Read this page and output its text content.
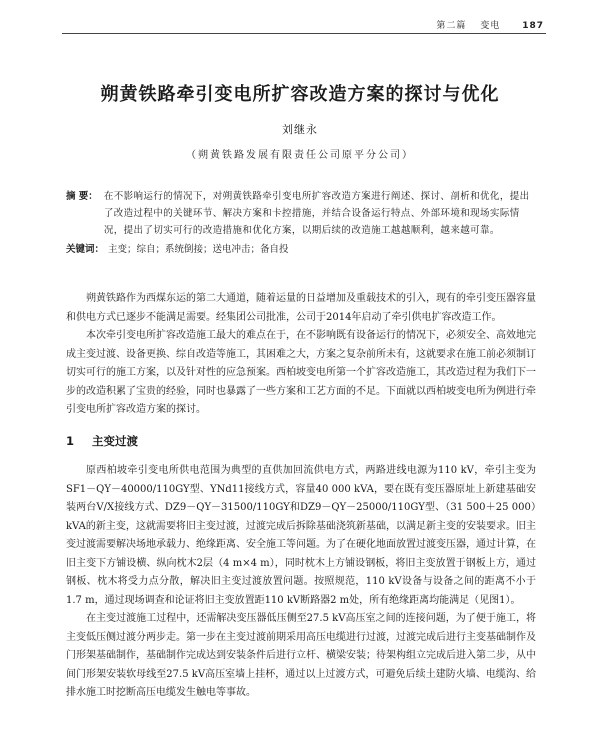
第二篇 变电 187
朔黄铁路牵引变电所扩容改造方案的探讨与优化
刘继永
（朔黄铁路发展有限责任公司原平分公司）
摘 要： 在不影响运行的情况下，对朔黄铁路牵引变电所扩容改造方案进行阐述、探讨、剖析和优化，提出了改造过程中的关键环节、解决方案和卡控措施，并结合设备运行特点、外部环境和现场实际情况，提出了切实可行的改造措施和优化方案，以期后续的改造施工越越顺利，越来越可靠。
关键词： 主变；综自；系统倒接；送电冲击；备自投

朔黄铁路作为西煤东运的第二大通道，随着运量的日益增加及重载技术的引入，现有的牵引变压器容量和供电方式已逐步不能满足需要。经集团公司批准，公司于2014年启动了牵引供电扩容改造工作。

本次牵引变电所扩容改造施工最大的难点在于，在不影响既有设备运行的情况下，必须安全、高效地完成主变过渡、设备更换、综自改造等施工，其困难之大，方案之复杂前所未有，这就要求在施工前必须制订切实可行的施工方案，以及针对性的应急预案。西柏坡变电所第一个扩容改造施工，其改造过程为我们下一步的改造积累了宝贵的经验，同时也暴露了一些方案和工艺方面的不足。下面就以西柏坡变电所为例进行牵引变电所扩容改造方案的探讨。

1 主变过渡

原西柏坡牵引变电所供电范围为典型的直供加回流供电方式，两路进线电源为110 kV，牵引主变为SF1－QY－40000/110GY型、YNd11接线方式，容量40 000 kVA，要在既有变压器原址上新建基础安装两台V/X接线方式、DZ9－QY－31500/110GY和DZ9－QY－25000/110GY型、（31 500＋25 000）kVA的新主变，这就需要将旧主变过渡，过渡完成后拆除基础浇筑新基础，以满足新主变的安装要求。旧主变过渡需要解决场地承载力、绝缘距离、安全施工等问题。为了在硬化地面放置过渡变压器，通过计算，在旧主变下方铺设横、纵向枕木2层（4 m×4 m），同时枕木上方铺设钢板，将旧主变放置于钢板上方，通过钢板、枕木将受力点分散，解决旧主变过渡放置问题。按照规范，110 kV设备与设备之间的距离不小于1.7 m，通过现场调查和论证将旧主变放置距110 kV断路器2 m处，所有绝缘距离均能满足（见图1）。

在主变过渡施工过程中，还需解决变压器低压侧至27.5 kV高压室之间的连接问题，为了便于施工，将主变低压侧过渡分两步走。第一步在主变过渡前期采用高压电缆进行过渡，过渡完成后进行主变基础制作及门形架基础制作，基础制作完成达到安装条件后进行立杆、横梁安装；待架构组立完成后进入第二步，从中间门形架安装软母线至27.5 kV高压室墙上挂杯，通过以上过渡方式，可避免后续土建防火墙、电缆沟、给排水施工时挖断高压电缆发生触电等事故。
